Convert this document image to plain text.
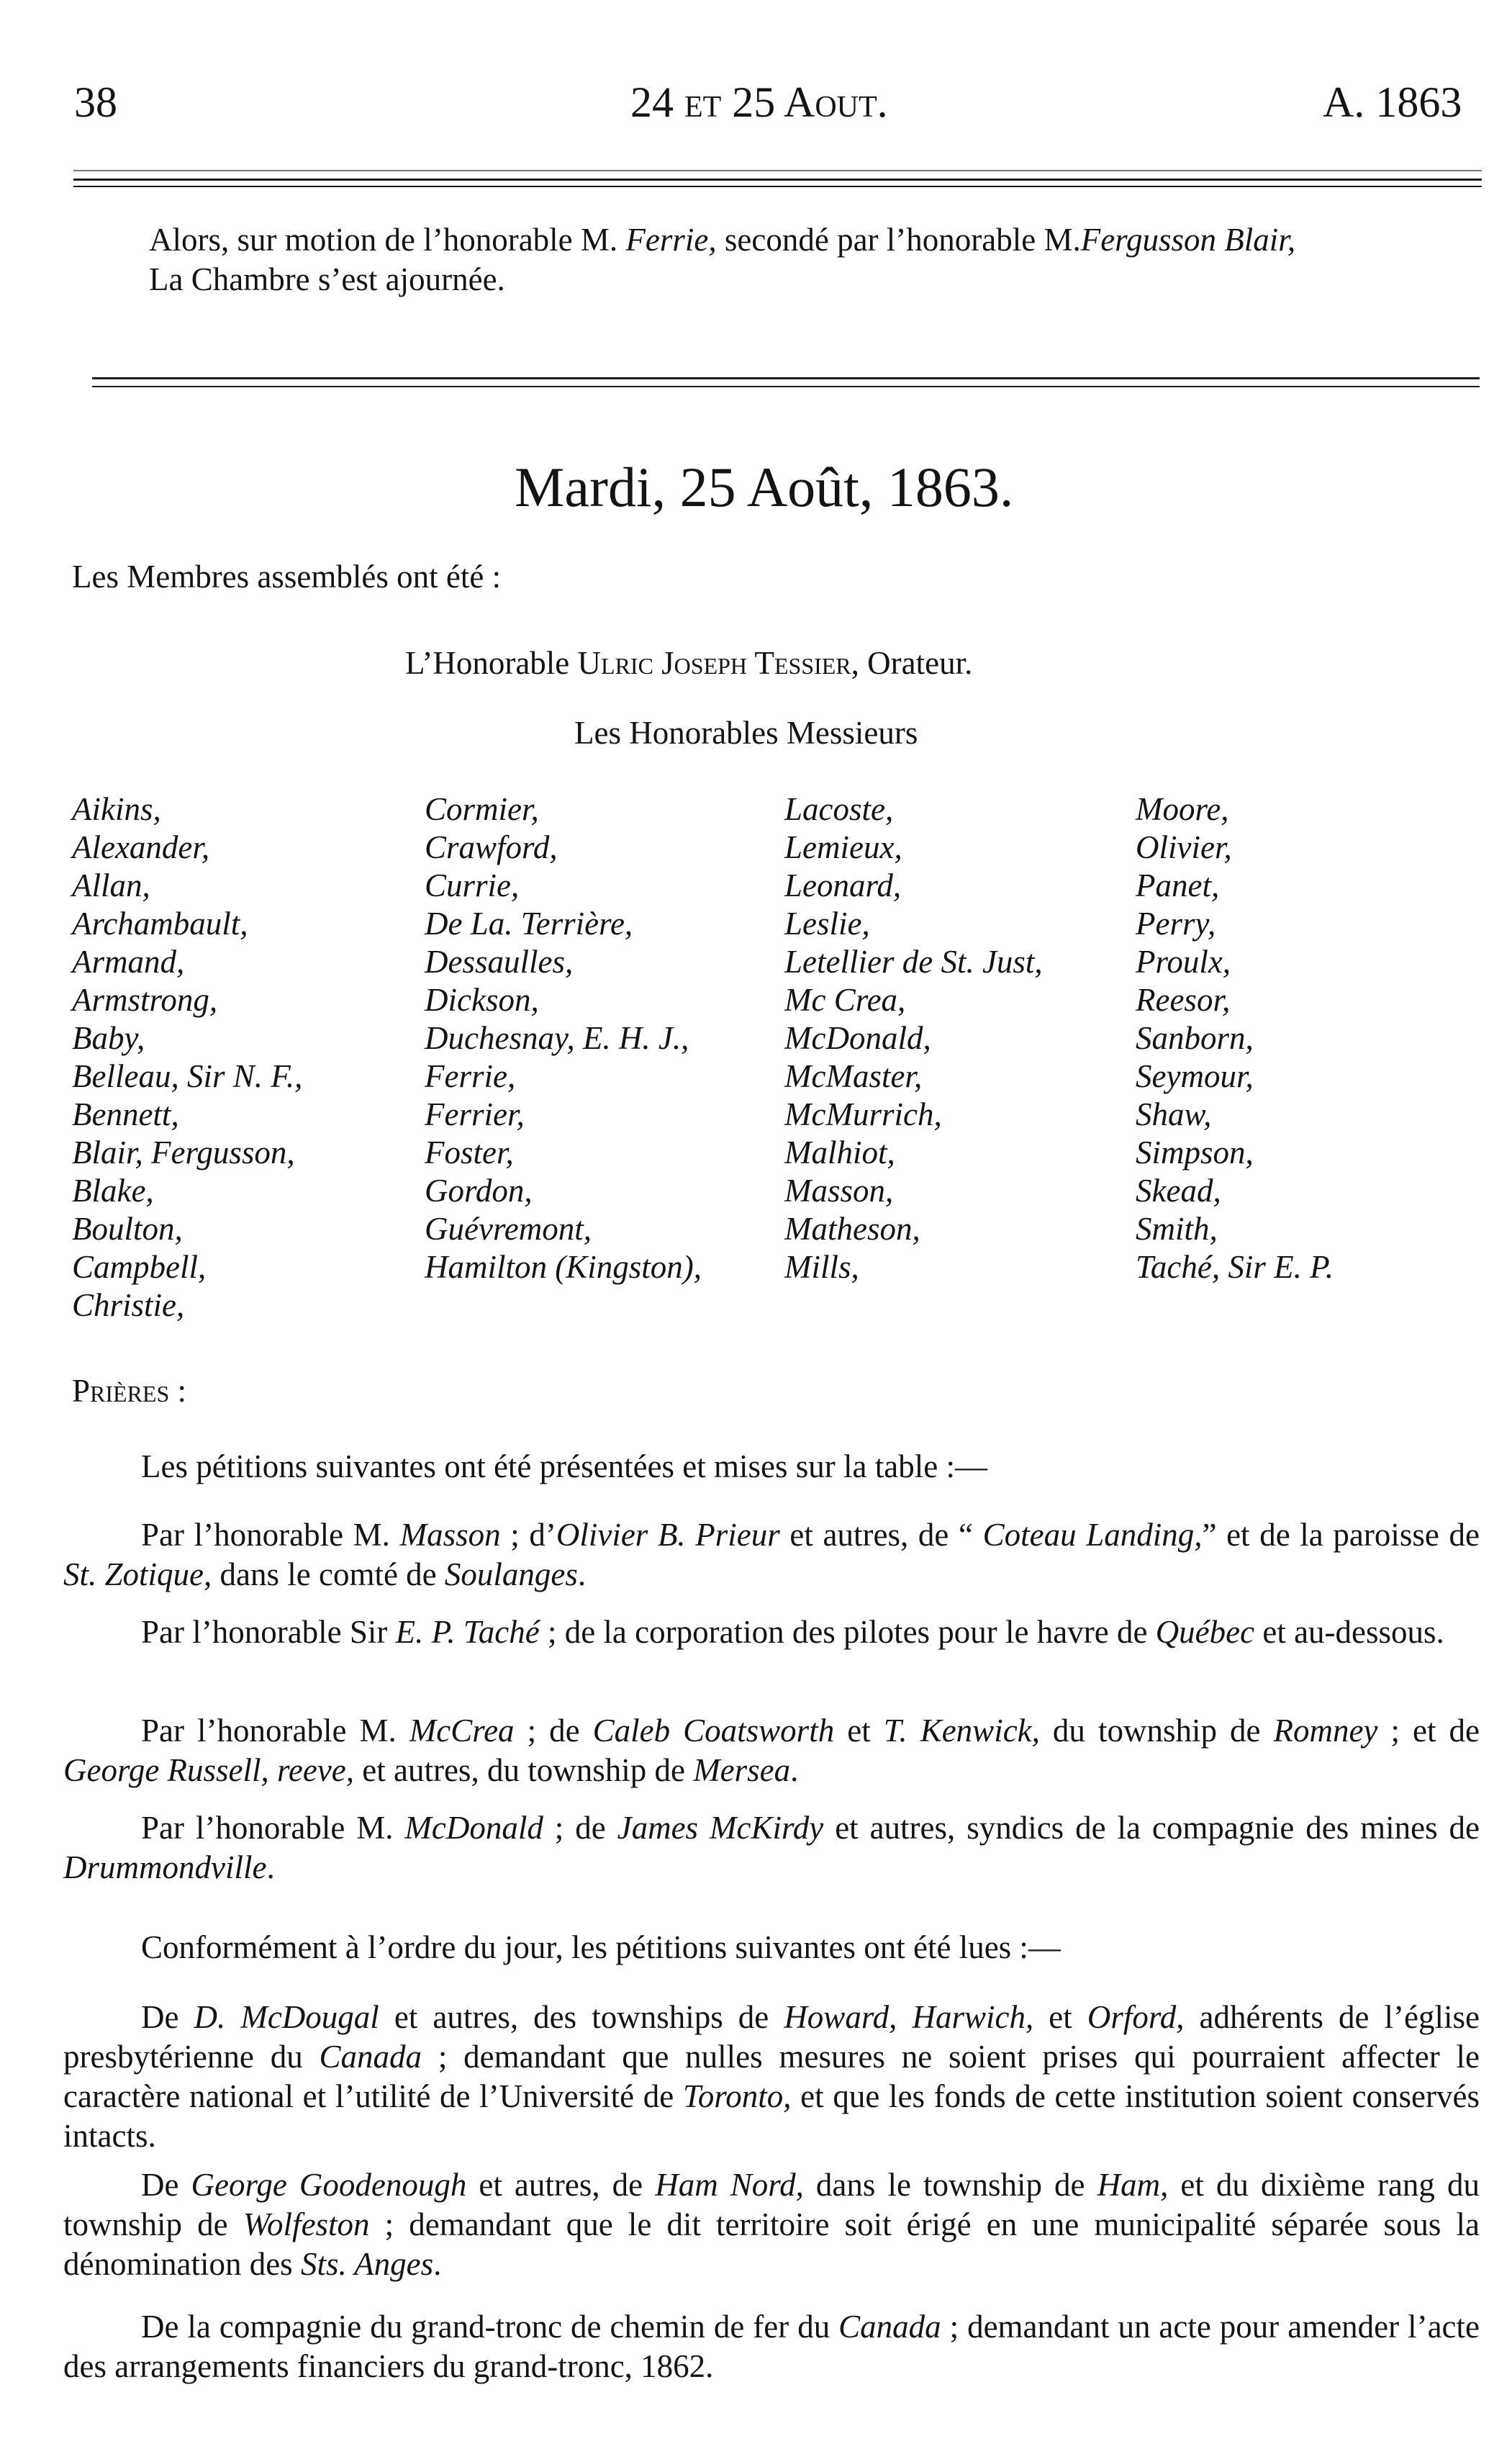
38	24 et 25 Aout.	A. 1863

Alors, sur motion de l’honorable M. Ferrie, secondé par l’honorable M.Fergusson Blair,

La Chambre s’est ajournée.

Mardi, 25 Août, 1863.
Les Membres assemblés ont été :
L’Honorable Ulric Joseph Tessier, Orateur.
Les Honorables Messieurs
Aikins,
Alexander,
Allan,
Archambault,
Armand,
Armstrong,
Baby,
Belleau, Sir N. F.,
Bennett,
Blair, Fergusson,
Blake,
Boulton,
Campbell,
Christie,
Cormier,
Crawford,
Currie,
De La. Terrière,
Dessaulles,
Dickson,
Duchesnay, E. H. J.,
Ferrie,
Ferrier,
Foster,
Gordon,
Guévremont,
Hamilton (Kingston),
Lacoste,
Lemieux,
Leonard,
Leslie,
Letellier de St. Just,
Mc Crea,
McDonald,
McMaster,
McMurrich,
Malhiot,
Masson,
Matheson,
Mills,
Moore,
Olivier,
Panet,
Perry,
Proulx,
Reesor,
Sanborn,
Seymour,
Shaw,
Simpson,
Skead,
Smith,
Taché, Sir E. P.
Prières :

Les pétitions suivantes ont été présentées et mises sur la table :—

Par l’honorable M. Masson ; d’Olivier B. Prieur et autres, de “ Coteau Landing,” et de la paroisse de St. Zotique, dans le comté de Soulanges.

Par l’honorable Sir E. P. Taché ; de la corporation des pilotes pour le havre de Québec et au-dessous.

Par l’honorable M. McCrea ; de Caleb Coatsworth et T. Kenwick, du township de Romney ; et de George Russell, reeve, et autres, du township de Mersea.

Par l’honorable M. McDonald ; de James McKirdy et autres, syndics de la compagnie des mines de Drummondville.

Conformément à l’ordre du jour, les pétitions suivantes ont été lues :—

De D. McDougal et autres, des townships de Howard, Harwich, et Orford, adhérents de l’église presbytérienne du Canada ; demandant que nulles mesures ne soient prises qui pourraient affecter le caractère national et l’utilité de l’Université de Toronto, et que les fonds de cette institution soient conservés intacts.

De George Goodenough et autres, de Ham Nord, dans le township de Ham, et du dixième rang du township de Wolfeston ; demandant que le dit territoire soit érigé en une municipalité séparée sous la dénomination des Sts. Anges.

De la compagnie du grand-tronc de chemin de fer du Canada ; demandant un acte pour amender l’acte des arrangements financiers du grand-tronc, 1862.
